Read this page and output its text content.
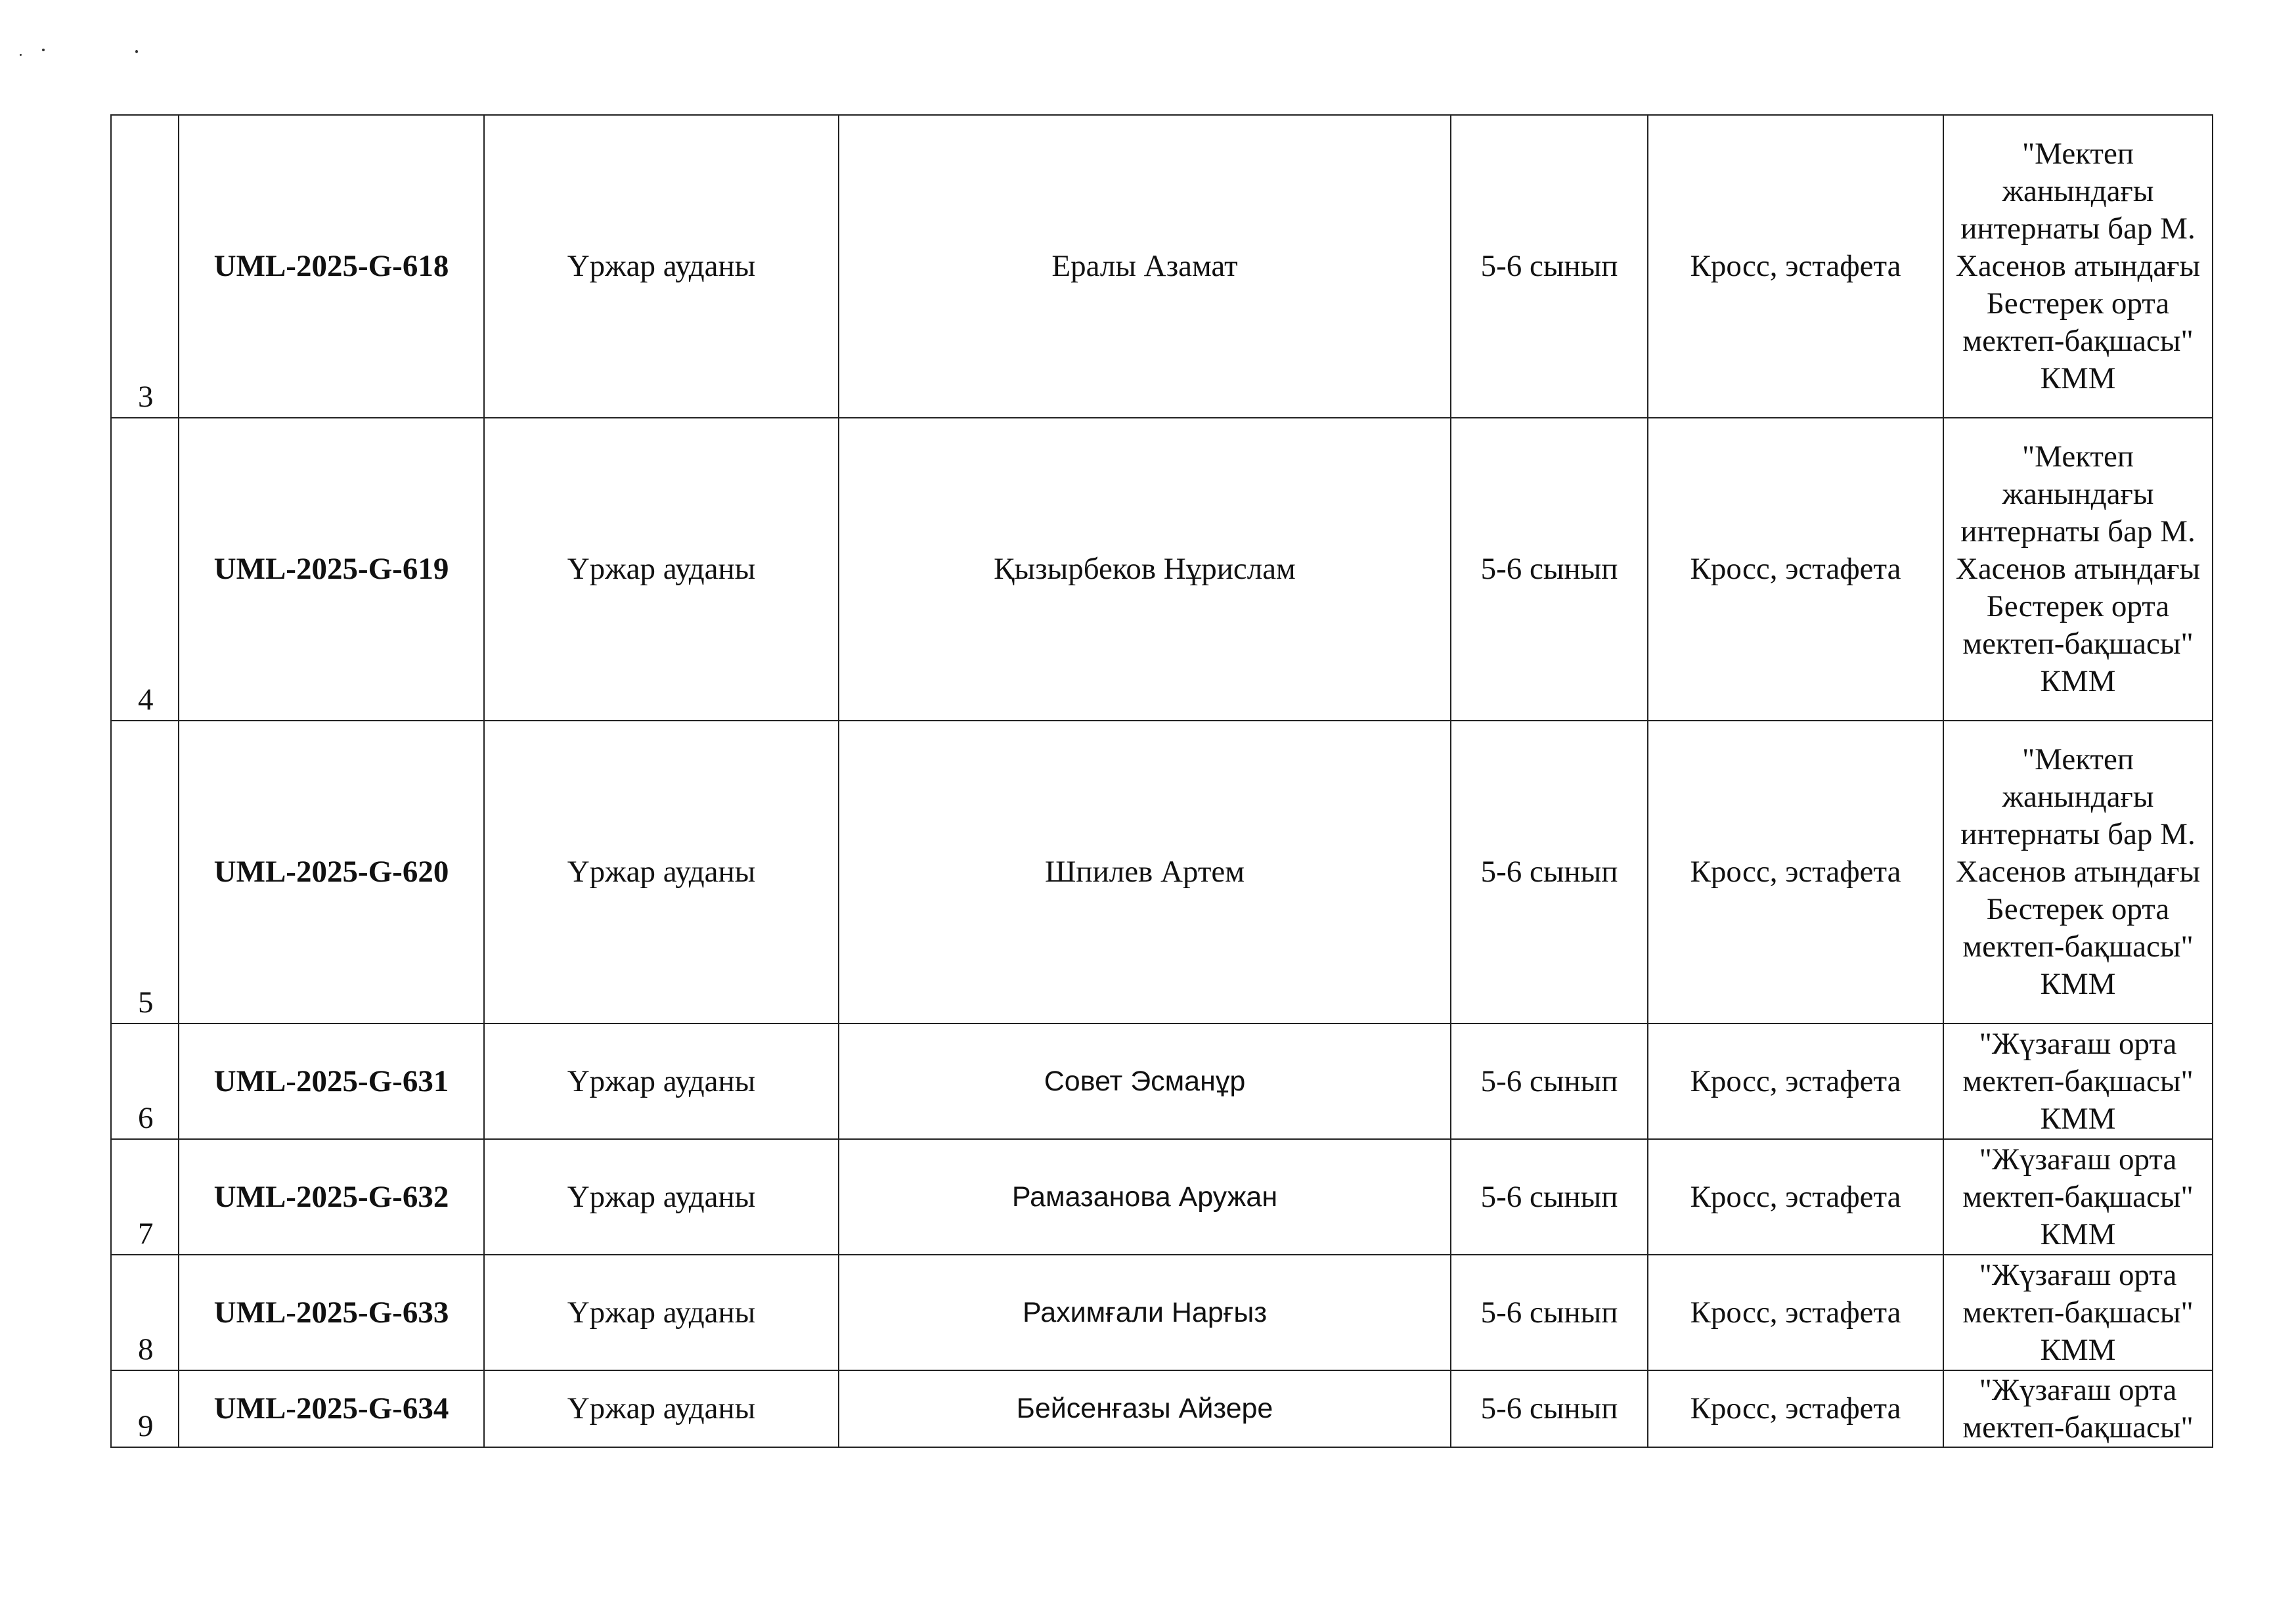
3	UML-2025-G-618	Үржар ауданы	Ералы Азамат	5-6 сынып	Кросс, эстафета	"Мектеп жанындағы интернаты бар М. Хасенов атындағы Бестерек орта мектеп-бақшасы" КММ
4	UML-2025-G-619	Үржар ауданы	Қызырбеков Нұрислам	5-6 сынып	Кросс, эстафета	"Мектеп жанындағы интернаты бар М. Хасенов атындағы Бестерек орта мектеп-бақшасы" КММ
5	UML-2025-G-620	Үржар ауданы	Шпилев Артем	5-6 сынып	Кросс, эстафета	"Мектеп жанындағы интернаты бар М. Хасенов атындағы Бестерек орта мектеп-бақшасы" КММ
6	UML-2025-G-631	Үржар ауданы	Совет Эсманұр	5-6 сынып	Кросс, эстафета	"Жүзағаш орта мектеп-бақшасы" КММ
7	UML-2025-G-632	Үржар ауданы	Рамазанова Аружан	5-6 сынып	Кросс, эстафета	"Жүзағаш орта мектеп-бақшасы" КММ
8	UML-2025-G-633	Үржар ауданы	Рахимғали Нарғыз	5-6 сынып	Кросс, эстафета	"Жүзағаш орта мектеп-бақшасы" КММ
9	UML-2025-G-634	Үржар ауданы	Бейсенғазы Айзере	5-6 сынып	Кросс, эстафета	"Жүзағаш орта мектеп-бақшасы"
